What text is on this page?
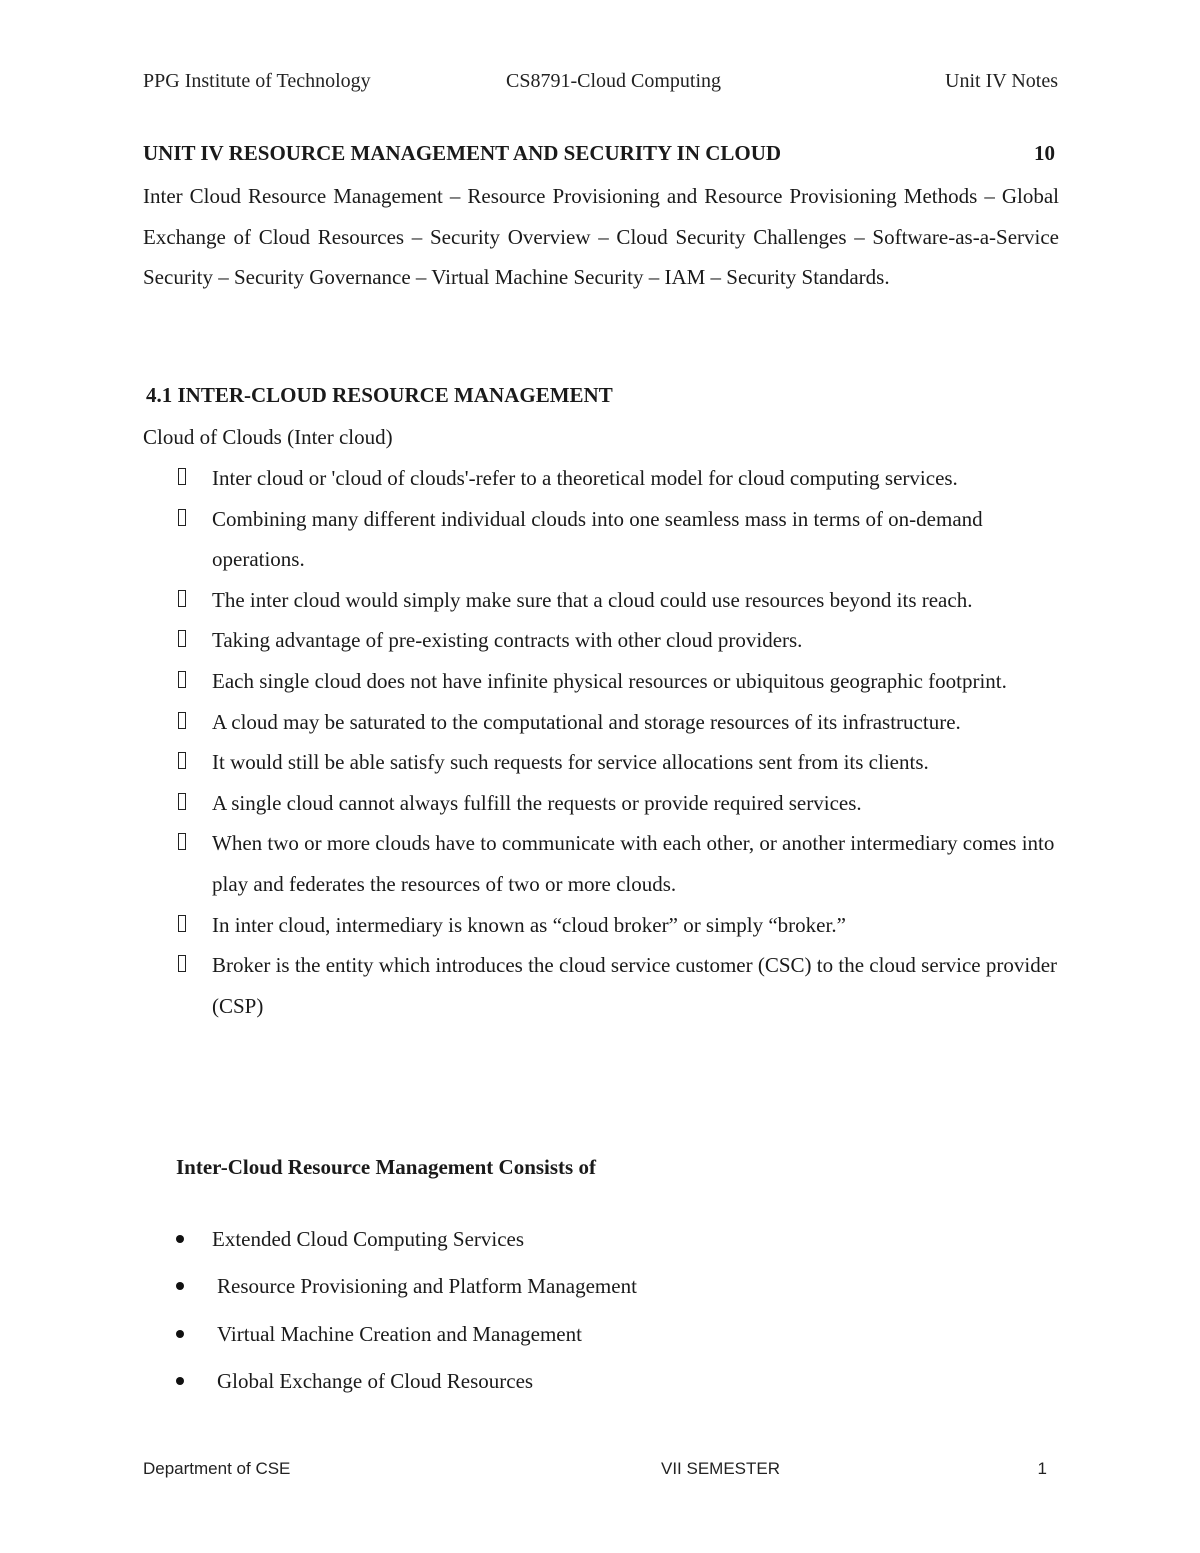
PPG Institute of Technology	CS8791-Cloud Computing	Unit IV Notes
UNIT IV RESOURCE MANAGEMENT AND SECURITY IN CLOUD	10
Inter Cloud Resource Management – Resource Provisioning and Resource Provisioning Methods – Global Exchange of Cloud Resources – Security Overview – Cloud Security Challenges – Software-as-a-Service Security – Security Governance – Virtual Machine Security – IAM – Security Standards.
4.1 INTER-CLOUD RESOURCE MANAGEMENT
Cloud of Clouds (Inter cloud)
Inter cloud or 'cloud of clouds'-refer to a theoretical model for cloud computing services.
Combining many different individual clouds into one seamless mass in terms of on-demand operations.
The inter cloud would simply make sure that a cloud could use resources beyond its reach.
Taking advantage of pre-existing contracts with other cloud providers.
Each single cloud does not have infinite physical resources or ubiquitous geographic footprint.
A cloud may be saturated to the computational and storage resources of its infrastructure.
It would still be able satisfy such requests for service allocations sent from its clients.
A single cloud cannot always fulfill the requests or provide required services.
When two or more clouds have to communicate with each other, or another intermediary comes into play and federates the resources of two or more clouds.
In inter cloud, intermediary is known as “cloud broker” or simply “broker.”
Broker is the entity which introduces the cloud service customer (CSC) to the cloud service provider (CSP)
Inter-Cloud Resource Management Consists of
Extended Cloud Computing Services
Resource Provisioning and Platform Management
Virtual Machine Creation and Management
Global Exchange of Cloud Resources
Department of CSE	VII SEMESTER	1
